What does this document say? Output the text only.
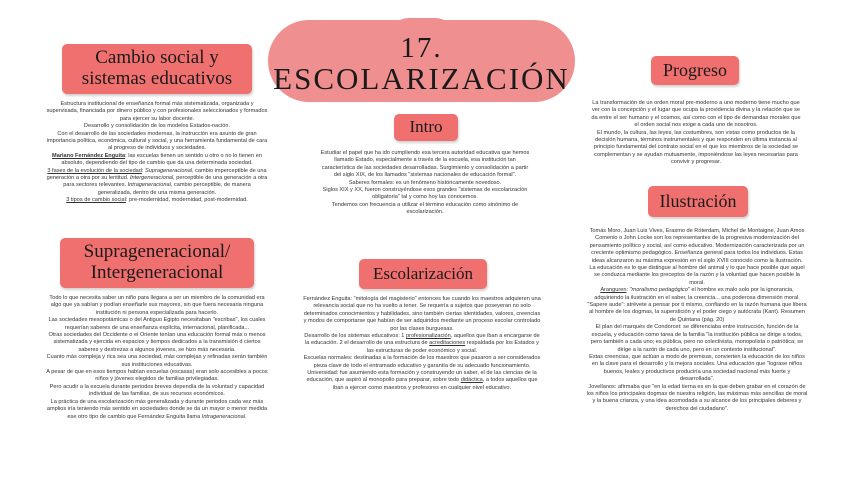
17.
ESCOLARIZACIÓN
Cambio social y
sistemas educativos

Estructura institucional de enseñanza formal más sistematizada, organizada y supervisada, financiada por dinero público y con profesionales seleccionados y formados para ejercer su labor docente.

Desarrollo y consolidación de los modelos Estados-nación.

Con el desarrollo de las sociedades modernas, la instrucción era asunto de gran importancia política, económica, cultural y social, y una herramienta fundamental de cara al progreso de individuos y sociedades.

Mariano Fernández Enguita: las escuelas tienen un sentido u otro o no lo tienen en absoluto, dependiendo del tipo de cambio que da una determinada sociedad.

3 fases de la evolución de la sociedad: Suprageneracional, cambio imperceptible de una generación a otra por su lentitud. Intergeneracional, perceptible de una generación a otra para sectores relevantes. Intrageneracional, cambio perceptible, de manera generalizada, dentro de una misma generación.

3 tipos de cambio social: pre-modernidad, modernidad, post-modernidad.

Suprageneracional/
Intergeneracional

Todo lo que necesita saber un niño para llegara a ser un miembro de la comunidad era algo que ya sabían y podían enseñarle sus mayores, sin que fuera necesaria ninguna institución ni persona especializada para hacerlo.

Las sociedades mesopotámicas o del Antiguo Egipto necesitaban "escribas", los cuales requerían saberes de una enseñanza explícita, internacional, planificada...

Otras sociedades del Occidente o el Oriente tenían una educación formal más o menos sistematizada y ejercida en espacios y tiempos dedicados a la transmisión d ciertos saberes y destrezas a algunos jóvenes, se hizo más necesaria.

Cuanto más compleja y rica sea una sociedad, más complejas y refinadas serán también sus instituciones educativas.

A pesar de que en esos tiempos habían escuelas (escasas) eran solo accesibles a pocos niños y jóvenes elegidos de familias privilegiadas.

Pero acudir a la escuela durante periodos breves dependía de la voluntad y capacidad individual de las familias, de sus recursos económicos.

La práctica de una escolarización más generalizada y durante periodos cada vez más amplios iría teniendo más sentido en sociedades donde se da un mayor o menor medida ese otro tipo de cambio que Fernández Enguita llama Intrageneracional.

Intro

Estudiar el papel que ha ido cumpliendo esa tercera autoridad educativa que hemos llamado Estado, especialmente a través de la escuela, esa institución tan característica de las sociedades desarrolladas. Surgimiento y consolidación a partir del siglo XIX, de los llamados "sistemas nacionales de educación formal".

Saberes formales: es un fenómeno históricamente novedoso.

Siglos XIX y XX, fueron construyéndose esos grandes "sistemas de escolarización obligatoria" tal y como hoy las conocemos.

Tendemos con frecuencia a utilizar el término educación como sinónimo de escolarización.

Escolarización

Fernández Enguita: "mitología del magisterio" entonces fue cuando los maestros adquieren una relevancia social que no ha vuelto a tener. Se requería a sujetos que poseyeran no solo determinados conocimientos y habilidades, sino también ciertas identidades, valores, creencias y modos de comportarse que habían de ser adquiridos mediante un proceso escolar controlado por las clases burguesas.

Desarrollo de los sistemas educativos: 1 profesionalización, aquellos que iban a encargarse de la educación. 2 el desarrollo de una estructura de acreditaciones respaldada por los Estados y las estructuras de poder económico y social.

Escuelas normales: destinadas a la formación de los maestros que pasaron a ser considerados pieza clave de todo el entramado educativo y garantía de su adecuado funcionamiento.

Universidad: fue asumiendo esta formación y construyendo un saber, el de las ciencias de la educación, que aspiró al monopolio para preparar, sobre todo didáctica, a todos aquellos que iban a ejercer como maestros y profesores en cualquier nivel educativo.

Progreso

La transformación de un orden moral pre-moderno a uno moderno tiene mucho que ver con la concepción y el lugar que ocupa la providencia divina y la relación que se da entre el ser humano y el cosmos, así como con el tipo de demandas morales que el orden social nos exige a cada uno de nosotros.

El mundo, la cultura, las leyes, las costumbres, son vistas como productos de la decisión humana, términos instrumentales y que responden en última instancia al principio fundamental del contrato social en el que los miembros de la sociedad se complementan y se ayudan mutuamente, imponiéndose las leyes necesarias para convivir y progresar.

Ilustración

Tomás Moro, Juan Luis Vives, Erasmo de Róterdam, Michel de Montaigne, Juan Amos Comenio o John Locke son los representantes de la progresiva modernización del pensamiento político y social, así como educativo. Modernización caracterizada por un creciente optimismo pedagógico. Enseñanza general para todos los individuos. Estas ideas alcanzaron su máxima expresión en el siglo XVIII conocido como la Ilustración.

La educación es lo que distingue al hombre del animal y lo que hace posible que aquel se conduzca mediante los preceptos de la razón y la voluntad que hacen posible la moral.

Aranguren: "moralismo pedagógico" el hombre es malo solo por la ignorancia, adquiriendo la ilustración en el saber, la creencia... una poderosa dimensión moral.

"Sapere aude": atrévete a pensar por ti mismo, confiando en la razón humana que libera al hombre de los dogmas, la superstición y el poder ciego y autócrata (Kant). Resumen de Quintana (pág. 20)

El plan del marqués de Condorcet: se diferenciaba entre instrucción, función de la escuela, y educación como tarea de la familia "la institución pública se dirige a todos, pero también a cada uno; es pública, pero no colectivista, monopolista o patriótica; se dirige a la razón de cada uno, pero en un contexto institucional".

Estas creencias, que actúan a modo de premisas, convierten la educación de los niños en la clave para el desarrollo y la mejora sociales. Una educación que "lograse niños buenos, leales y productivos produciría una sociedad nacional más fuerte y desarrollada".

Jovellanos: afirmaba que "en la edad tierna es en la que deben grabar en el corazón de los niños los principales dogmas de nuestra religión, las máximas más sencillas de moral y la buena crianza, y una idea acomodada a su alcance de los principales deberes y derechos del ciudadano".
